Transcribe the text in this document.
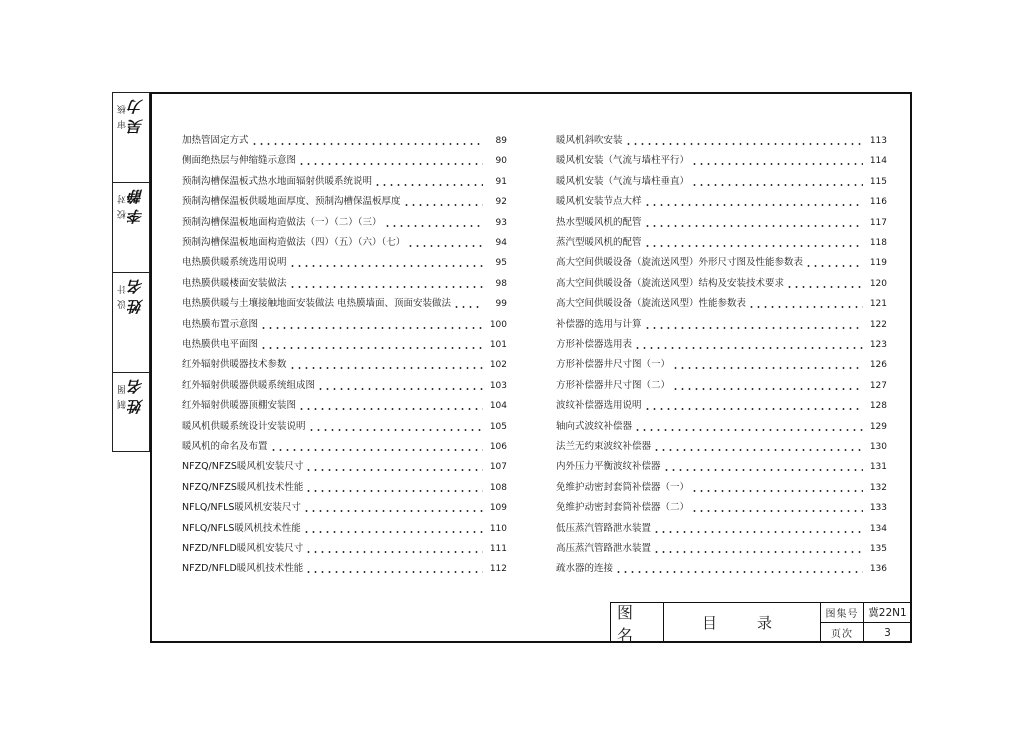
审核 吴 力
校对 李 静
设计 姓 名
制图 姓 名
加热管固定方式	89
侧面绝热层与伸缩缝示意图	90
预制沟槽保温板式热水地面辐射供暖系统说明	91
预制沟槽保温板供暖地面厚度、预制沟槽保温板厚度	92
预制沟槽保温板地面构造做法（一）（二）（三）	93
预制沟槽保温板地面构造做法（四）（五）（六）（七）	94
电热膜供暖系统选用说明	95
电热膜供暖楼面安装做法	98
电热膜供暖与土壤接触地面安装做法 电热膜墙面、顶面安装做法	99
电热膜布置示意图	100
电热膜供电平面图	101
红外辐射供暖器技术参数	102
红外辐射供暖器供暖系统组成图	103
红外辐射供暖器顶棚安装图	104
暖风机供暖系统设计安装说明	105
暖风机的命名及布置	106
NFZQ/NFZS暖风机安装尺寸	107
NFZQ/NFZS暖风机技术性能	108
NFLQ/NFLS暖风机安装尺寸	109
NFLQ/NFLS暖风机技术性能	110
NFZD/NFLD暖风机安装尺寸	111
NFZD/NFLD暖风机技术性能	112
暖风机斜吹安装	113
暖风机安装（气流与墙柱平行）	114
暖风机安装（气流与墙柱垂直）	115
暖风机安装节点大样	116
热水型暖风机的配管	117
蒸汽型暖风机的配管	118
高大空间供暖设备（旋流送风型）外形尺寸图及性能参数表	119
高大空间供暖设备（旋流送风型）结构及安装技术要求	120
高大空间供暖设备（旋流送风型）性能参数表	121
补偿器的选用与计算	122
方形补偿器选用表	123
方形补偿器井尺寸图（一）	126
方形补偿器井尺寸图（二）	127
波纹补偿器选用说明	128
轴向式波纹补偿器	129
法兰无约束波纹补偿器	130
内外压力平衡波纹补偿器	131
免维护动密封套筒补偿器（一）	132
免维护动密封套筒补偿器（二）	133
低压蒸汽管路泄水装置	134
高压蒸汽管路泄水装置	135
疏水器的连接	136
图名
目录	图集号 冀22N1
页次	3
